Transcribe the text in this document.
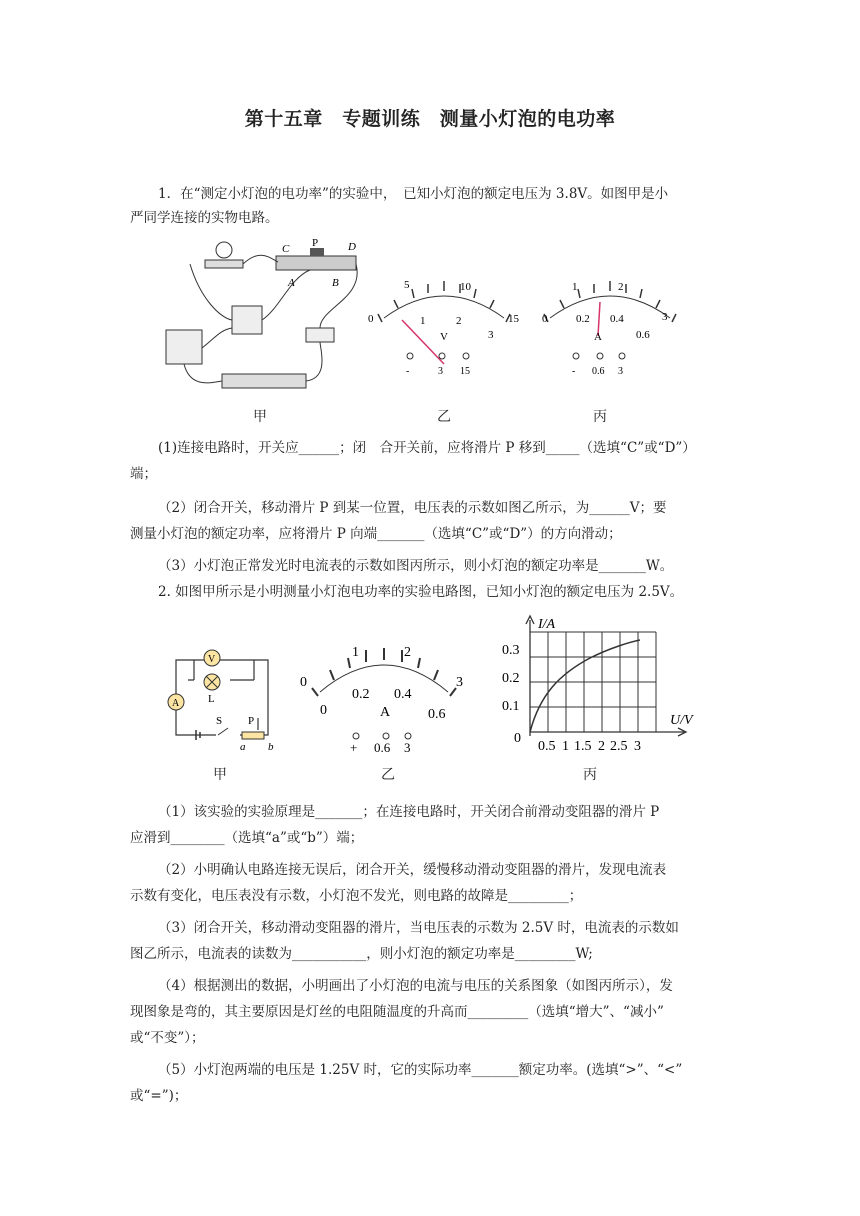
第十五章　专题训练　测量小灯泡的电功率
1．在“测定小灯泡的电功率”的实验中，　已知小灯泡的额定电压为 3.8V。如图甲是小
严同学连接的实物电路。
C P	D
A	B
0
5	10
15
1	2
3
V
-	3 15
0
1	2
3
0.2 0.4
0.6
A
- 0.6 3
甲	乙	丙
(1)连接电路时，开关应______；闭　合开关前，应将滑片 P 移到_____（选填“C”或“D”）
端；
（2）闭合开关，移动滑片 P 到某一位置，电压表的示数如图乙所示，为______V；要
测量小灯泡的额定功率，应将滑片 P 向端_______（选填“C”或“D”）的方向滑动；
（3）小灯泡正常发光时电流表的示数如图丙所示，则小灯泡的额定功率是_______W。
2. 如图甲所示是小明测量小灯泡电功率的实验电路图，已知小灯泡的额定电压为 2.5V。
V
L
A
S P
a b
0
1	2
3
0
0.2 0.4
0.6
A
+ 0.6 3
I/A
U/V
0.3
0.2
0.1
0
0.5 1 1.5 2 2.5 3
甲	乙	丙
（1）该实验的实验原理是_______；在连接电路时，开关闭合前滑动变阻器的滑片 P
应滑到________（选填“a”或“b”）端；
（2）小明确认电路连接无误后，闭合开关，缓慢移动滑动变阻器的滑片，发现电流表
示数有变化，电压表没有示数，小灯泡不发光，则电路的故障是_________；
（3）闭合开关，移动滑动变阻器的滑片，当电压表的示数为 2.5V 时，电流表的示数如
图乙所示，电流表的读数为___________，则小灯泡的额定功率是_________W;
（4）根据测出的数据，小明画出了小灯泡的电流与电压的关系图象（如图丙所示），发
现图象是弯的，其主要原因是灯丝的电阻随温度的升高而_________（选填“增大”、“减小”
或“不变”）；
（5）小灯泡两端的电压是 1.25V 时，它的实际功率_______额定功率。(选填“>”、“<”
或“=”)；
